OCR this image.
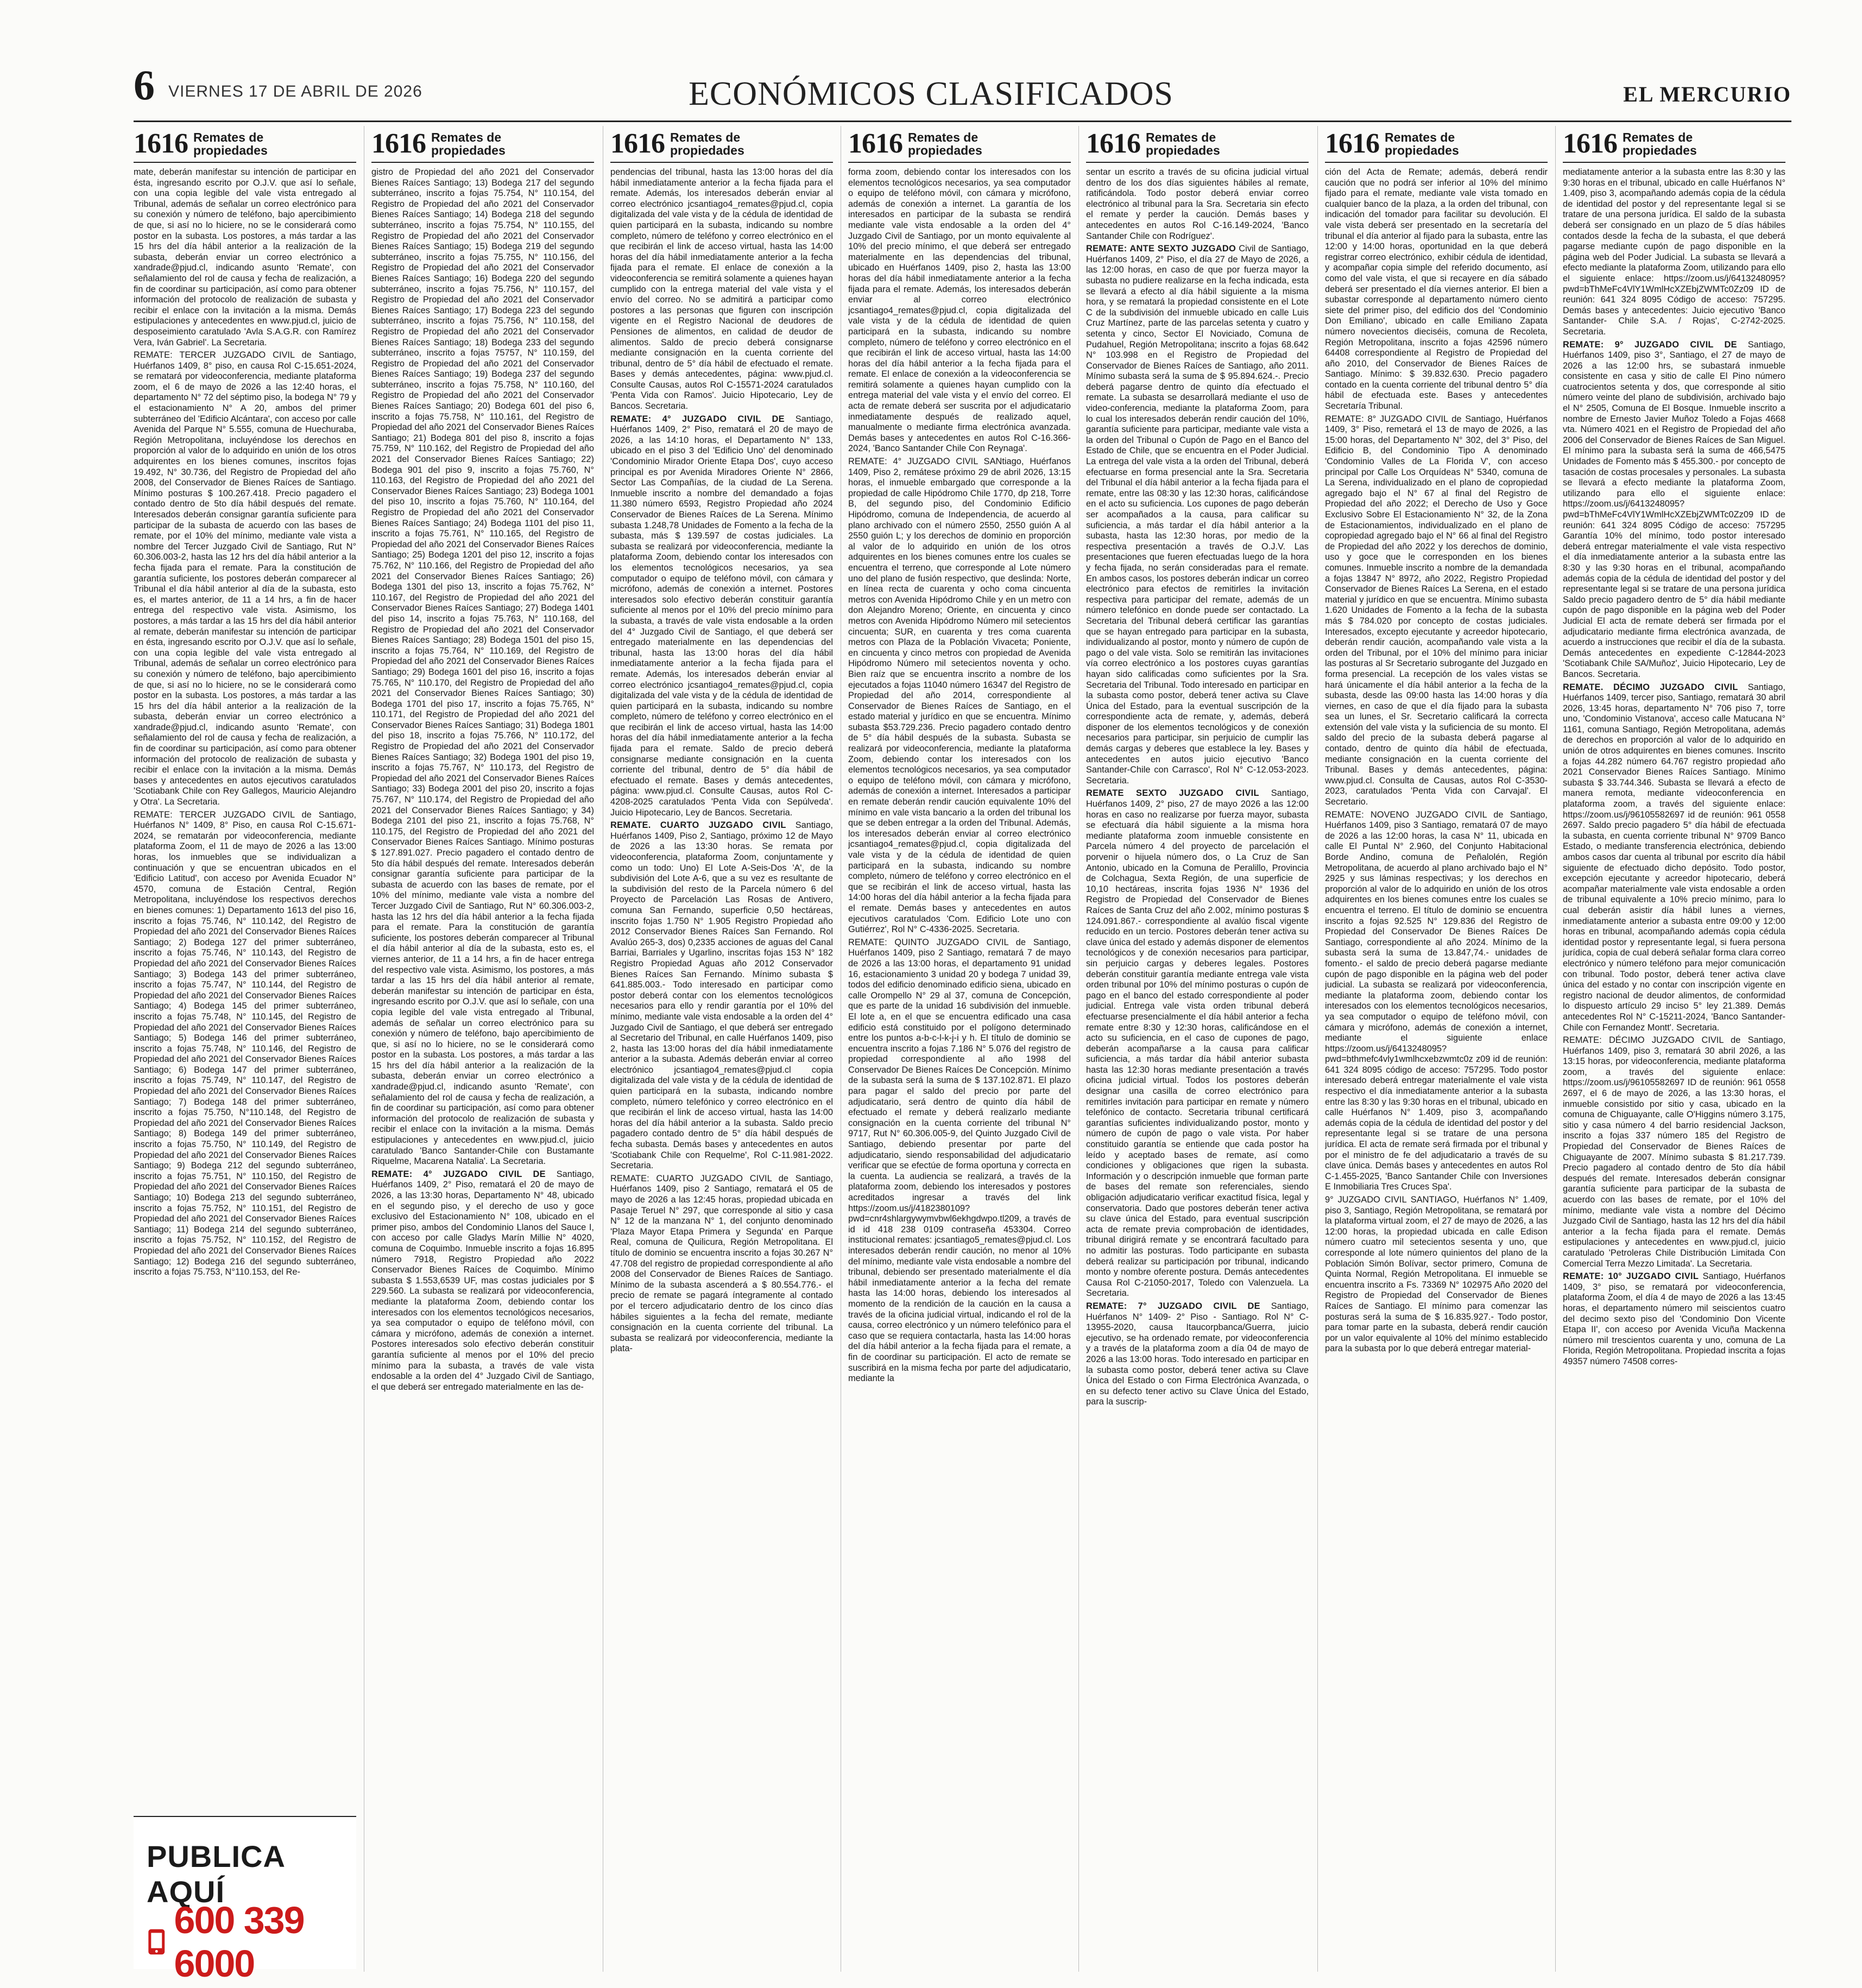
6 VIERNES 17 DE ABRIL DE 2026	ECONÓMICOS CLASIFICADOS	EL MERCURIO
1616 Remates de
propiedades

mate, deberán manifestar su intención de participar en ésta, ingresando escrito por O.J.V. que así lo señale, con una copia legible del vale vista entregado al Tribunal, además de señalar un correo electrónico para su conexión y número de teléfono, bajo apercibimiento de que, si así no lo hiciere, no se le considerará como postor en la subasta. Los postores, a más tardar a las 15 hrs del día hábil anterior a la realización de la subasta, deberán enviar un correo electrónico a xandrade@pjud.cl, indicando asunto 'Remate', con señalamiento del rol de causa y fecha de realización, a fin de coordinar su participación, así como para obtener información del protocolo de realización de subasta y recibir el enlace con la invitación a la misma. Demás estipulaciones y antecedentes en www.pjud.cl, juicio de desposeimiento caratulado 'Avla S.A.G.R. con Ramírez Vera, Iván Gabriel'. La Secretaria.

REMATE: TERCER JUZGADO CIVIL de Santiago, Huérfanos 1409, 8° piso, en causa Rol C-15.651-2024, se rematará por videoconferencia, mediante plataforma zoom, el 6 de mayo de 2026 a las 12:40 horas, el departamento N° 72 del séptimo piso, la bodega N° 79 y el estacionamiento N° A 20, ambos del primer subterráneo del 'Edificio Alcántara', con acceso por calle Avenida del Parque N° 5.555, comuna de Huechuraba, Región Metropolitana, incluyéndose los derechos en proporción al valor de lo adquirido en unión de los otros adquirentes en los bienes comunes, inscritos fojas 19.492, N° 30.736, del Registro de Propiedad del año 2008, del Conservador de Bienes Raíces de Santiago. Mínimo posturas $ 100.267.418. Precio pagadero el contado dentro de 5to día hábil después del remate. Interesados deberán consignar garantía suficiente para participar de la subasta de acuerdo con las bases de remate, por el 10% del mínimo, mediante vale vista a nombre del Tercer Juzgado Civil de Santiago, Rut N° 60.306.003-2, hasta las 12 hrs del día hábil anterior a la fecha fijada para el remate. Para la constitución de garantía suficiente, los postores deberán comparecer al Tribunal el día hábil anterior al día de la subasta, esto es, el martes anterior, de 11 a 14 hrs, a fin de hacer entrega del respectivo vale vista. Asimismo, los postores, a más tardar a las 15 hrs del día hábil anterior al remate, deberán manifestar su intención de participar en ésta, ingresando escrito por O.J.V. que así lo señale, con una copia legible del vale vista entregado al Tribunal, además de señalar un correo electrónico para su conexión y número de teléfono, bajo apercibimiento de que, si así no lo hiciere, no se le considerará como postor en la subasta. Los postores, a más tardar a las 15 hrs del día hábil anterior a la realización de la subasta, deberán enviar un correo electrónico a xandrade@pjud.cl, indicando asunto 'Remate', con señalamiento del rol de causa y fecha de realización, a fin de coordinar su participación, así como para obtener información del protocolo de realización de subasta y recibir el enlace con la invitación a la misma. Demás bases y antecedentes en autos ejecutivos caratulados 'Scotiabank Chile con Rey Gallegos, Mauricio Alejandro y Otra'. La Secretaria.

REMATE: TERCER JUZGADO CIVIL de Santiago, Huérfanos N° 1409, 8° Piso, en causa Rol C-15.671-2024, se rematarán por videoconferencia, mediante plataforma Zoom, el 11 de mayo de 2026 a las 13:00 horas, los inmuebles que se individualizan a continuación y que se encuentran ubicados en el 'Edificio Latitud', con acceso por Avenida Ecuador N° 4570, comuna de Estación Central, Región Metropolitana, incluyéndose los respectivos derechos en bienes comunes: 1) Departamento 1613 del piso 16, inscrito a fojas 75.746, N° 110.142, del Registro de Propiedad del año 2021 del Conservador Bienes Raíces Santiago; 2) Bodega 127 del primer subterráneo, inscrito a fojas 75.746, N° 110.143, del Registro de Propiedad del año 2021 del Conservador Bienes Raíces Santiago; 3) Bodega 143 del primer subterráneo, inscrito a fojas 75.747, N° 110.144, del Registro de Propiedad del año 2021 del Conservador Bienes Raíces Santiago; 4) Bodega 145 del primer subterráneo, inscrito a fojas 75.748, N° 110.145, del Registro de Propiedad del año 2021 del Conservador Bienes Raíces Santiago; 5) Bodega 146 del primer subterráneo, inscrito a fojas 75.748, N° 110.146, del Registro de Propiedad del año 2021 del Conservador Bienes Raíces Santiago; 6) Bodega 147 del primer subterráneo, inscrito a fojas 75.749, N° 110.147, del Registro de Propiedad del año 2021 del Conservador Bienes Raíces Santiago; 7) Bodega 148 del primer subterráneo, inscrito a fojas 75.750, N°110.148, del Registro de Propiedad del año 2021 del Conservador Bienes Raíces Santiago; 8) Bodega 149 del primer subterráneo, inscrito a fojas 75.750, N° 110.149, del Registro de Propiedad del año 2021 del Conservador Bienes Raíces Santiago; 9) Bodega 212 del segundo subterráneo, inscrito a fojas 75.751, N° 110.150, del Registro de Propiedad del año 2021 del Conservador Bienes Raíces Santiago; 10) Bodega 213 del segundo subterráneo, inscrito a fojas 75.752, N° 110.151, del Registro de Propiedad del año 2021 del Conservador Bienes Raíces Santiago; 11) Bodega 214 del segundo subterráneo, inscrito a fojas 75.752, N° 110.152, del Registro de Propiedad del año 2021 del Conservador Bienes Raíces Santiago; 12) Bodega 216 del segundo subterráneo, inscrito a fojas 75.753, N°110.153, del Re-

1616 Remates de
propiedades

gistro de Propiedad del año 2021 del Conservador Bienes Raíces Santiago; 13) Bodega 217 del segundo subterráneo, inscrito a fojas 75.754, N° 110.154, del Registro de Propiedad del año 2021 del Conservador Bienes Raíces Santiago; 14) Bodega 218 del segundo subterráneo, inscrito a fojas 75.754, N° 110.155, del Registro de Propiedad del año 2021 del Conservador Bienes Raíces Santiago; 15) Bodega 219 del segundo subterráneo, inscrito a fojas 75.755, N° 110.156, del Registro de Propiedad del año 2021 del Conservador Bienes Raíces Santiago; 16) Bodega 220 del segundo subterráneo, inscrito a fojas 75.756, N° 110.157, del Registro de Propiedad del año 2021 del Conservador Bienes Raíces Santiago; 17) Bodega 223 del segundo subterráneo, inscrito a fojas 75.756, N° 110.158, del Registro de Propiedad del año 2021 del Conservador Bienes Raíces Santiago; 18) Bodega 233 del segundo subterráneo, inscrito a fojas 75757, N° 110.159, del Registro de Propiedad del año 2021 del Conservador Bienes Raíces Santiago; 19) Bodega 237 del segundo subterráneo, inscrito a fojas 75.758, N° 110.160, del Registro de Propiedad del año 2021 del Conservador Bienes Raíces Santiago; 20) Bodega 601 del piso 6, inscrito a fojas 75.758, N° 110.161, del Registro de Propiedad del año 2021 del Conservador Bienes Raíces Santiago; 21) Bodega 801 del piso 8, inscrito a fojas 75.759, N° 110.162, del Registro de Propiedad del año 2021 del Conservador Bienes Raíces Santiago; 22) Bodega 901 del piso 9, inscrito a fojas 75.760, N° 110.163, del Registro de Propiedad del año 2021 del Conservador Bienes Raíces Santiago; 23) Bodega 1001 del piso 10, inscrito a fojas 75.760, N° 110.164, del Registro de Propiedad del año 2021 del Conservador Bienes Raíces Santiago; 24) Bodega 1101 del piso 11, inscrito a fojas 75.761, N° 110.165, del Registro de Propiedad del año 2021 del Conservador Bienes Raíces Santiago; 25) Bodega 1201 del piso 12, inscrito a fojas 75.762, N° 110.166, del Registro de Propiedad del año 2021 del Conservador Bienes Raíces Santiago; 26) Bodega 1301 del piso 13, inscrito a fojas 75.762, N° 110.167, del Registro de Propiedad del año 2021 del Conservador Bienes Raíces Santiago; 27) Bodega 1401 del piso 14, inscrito a fojas 75.763, N° 110.168, del Registro de Propiedad del año 2021 del Conservador Bienes Raíces Santiago; 28) Bodega 1501 del piso 15, inscrito a fojas 75.764, N° 110.169, del Registro de Propiedad del año 2021 del Conservador Bienes Raíces Santiago; 29) Bodega 1601 del piso 16, inscrito a fojas 75.765, N° 110.170, del Registro de Propiedad del año 2021 del Conservador Bienes Raíces Santiago; 30) Bodega 1701 del piso 17, inscrito a fojas 75.765, N° 110.171, del Registro de Propiedad del año 2021 del Conservador Bienes Raíces Santiago; 31) Bodega 1801 del piso 18, inscrito a fojas 75.766, N° 110.172, del Registro de Propiedad del año 2021 del Conservador Bienes Raíces Santiago; 32) Bodega 1901 del piso 19, inscrito a fojas 75.767, N° 110.173, del Registro de Propiedad del año 2021 del Conservador Bienes Raíces Santiago; 33) Bodega 2001 del piso 20, inscrito a fojas 75.767, N° 110.174, del Registro de Propiedad del año 2021 del Conservador Bienes Raíces Santiago; y 34) Bodega 2101 del piso 21, inscrito a fojas 75.768, N° 110.175, del Registro de Propiedad del año 2021 del Conservador Bienes Raíces Santiago. Mínimo posturas $ 127.891.027. Precio pagadero el contado dentro de 5to día hábil después del remate. Interesados deberán consignar garantía suficiente para participar de la subasta de acuerdo con las bases de remate, por el 10% del mínimo, mediante vale vista a nombre del Tercer Juzgado Civil de Santiago, Rut N° 60.306.003-2, hasta las 12 hrs del día hábil anterior a la fecha fijada para el remate. Para la constitución de garantía suficiente, los postores deberán comparecer al Tribunal el día hábil anterior al día de la subasta, esto es, el viernes anterior, de 11 a 14 hrs, a fin de hacer entrega del respectivo vale vista. Asimismo, los postores, a más tardar a las 15 hrs del día hábil anterior al remate, deberán manifestar su intención de participar en ésta, ingresando escrito por O.J.V. que así lo señale, con una copia legible del vale vista entregado al Tribunal, además de señalar un correo electrónico para su conexión y número de teléfono, bajo apercibimiento de que, si así no lo hiciere, no se le considerará como postor en la subasta. Los postores, a más tardar a las 15 hrs del día hábil anterior a la realización de la subasta, deberán enviar un correo electrónico a xandrade@pjud.cl, indicando asunto 'Remate', con señalamiento del rol de causa y fecha de realización, a fin de coordinar su participación, así como para obtener información del protocolo de realización de subasta y recibir el enlace con la invitación a la misma. Demás estipulaciones y antecedentes en www.pjud.cl, juicio caratulado 'Banco Santander-Chile con Bustamante Riquelme, Macarena Natalia'. La Secretaria.

REMATE: 4° JUZGADO CIVIL DE Santiago, Huérfanos 1409, 2° Piso, rematará el 20 de mayo de 2026, a las 13:30 horas, Departamento N° 48, ubicado en el segundo piso, y el derecho de uso y goce exclusivo del Estacionamiento N° 108, ubicado en el primer piso, ambos del Condominio Llanos del Sauce I, con acceso por calle Gladys Marín Millie N° 4020, comuna de Coquimbo. Inmueble inscrito a fojas 16.895 número 7918, Registro Propiedad año 2022 Conservador Bienes Raíces de Coquimbo. Mínimo subasta $ 1.553,6539 UF, mas costas judiciales por $ 229.560. La subasta se realizará por videoconferencia, mediante la plataforma Zoom, debiendo contar los interesados con los elementos tecnológicos necesarios, ya sea computador o equipo de teléfono móvil, con cámara y micrófono, además de conexión a internet. Postores interesados solo efectivo deberán constituir garantía suficiente al menos por el 10% del precio mínimo para la subasta, a través de vale vista endosable a la orden del 4° Juzgado Civil de Santiago, el que deberá ser entregado materialmente en las de-

1616 Remates de
propiedades

pendencias del tribunal, hasta las 13:00 horas del día hábil inmediatamente anterior a la fecha fijada para el remate. Además, los interesados deberán enviar al correo electrónico jcsantiago4_remates@pjud.cl, copia digitalizada del vale vista y de la cédula de identidad de quien participará en la subasta, indicando su nombre completo, número de teléfono y correo electrónico en el que recibirán el link de acceso virtual, hasta las 14:00 horas del día hábil inmediatamente anterior a la fecha fijada para el remate. El enlace de conexión a la videoconferencia se remitirá solamente a quienes hayan cumplido con la entrega material del vale vista y el envío del correo. No se admitirá a participar como postores a las personas que figuren con inscripción vigente en el Registro Nacional de deudores de Pensiones de alimentos, en calidad de deudor de alimentos. Saldo de precio deberá consignarse mediante consignación en la cuenta corriente del tribunal, dentro de 5° día hábil de efectuado el remate. Bases y demás antecedentes, página: www.pjud.cl. Consulte Causas, autos Rol C-15571-2024 caratulados 'Penta Vida con Ramos'. Juicio Hipotecario, Ley de Bancos. Secretaria.

REMATE: 4° JUZGADO CIVIL DE Santiago, Huérfanos 1409, 2° Piso, rematará el 20 de mayo de 2026, a las 14:10 horas, el Departamento N° 133, ubicado en el piso 3 del 'Edificio Uno' del denominado 'Condominio Mirador Oriente Etapa Dos', cuyo acceso principal es por Avenida Miradores Oriente N° 2866, Sector Las Compañías, de la ciudad de La Serena. Inmueble inscrito a nombre del demandado a fojas 11.380 número 6593, Registro Propiedad año 2024 Conservador de Bienes Raíces de La Serena. Mínimo subasta 1.248,78 Unidades de Fomento a la fecha de la subasta, más $ 139.597 de costas judiciales. La subasta se realizará por videoconferencia, mediante la plataforma Zoom, debiendo contar los interesados con los elementos tecnológicos necesarios, ya sea computador o equipo de teléfono móvil, con cámara y micrófono, además de conexión a internet. Postores interesados solo efectivo deberán constituir garantía suficiente al menos por el 10% del precio mínimo para la subasta, a través de vale vista endosable a la orden del 4° Juzgado Civil de Santiago, el que deberá ser entregado materialmente en las dependencias del tribunal, hasta las 13:00 horas del día hábil inmediatamente anterior a la fecha fijada para el remate. Además, los interesados deberán enviar al correo electrónico jcsantiago4_remates@pjud.cl, copia digitalizada del vale vista y de la cédula de identidad de quien participará en la subasta, indicando su nombre completo, número de teléfono y correo electrónico en el que recibirán el link de acceso virtual, hasta las 14:00 horas del día hábil inmediatamente anterior a la fecha fijada para el remate. Saldo de precio deberá consignarse mediante consignación en la cuenta corriente del tribunal, dentro de 5° día hábil de efectuado el remate. Bases y demás antecedentes, página: www.pjud.cl. Consulte Causas, autos Rol C-4208-2025 caratulados 'Penta Vida con Sepúlveda'. Juicio Hipotecario, Ley de Bancos. Secretaria.

REMATE. CUARTO JUZGADO CIVIL Santiago, Huérfanos 1409, Piso 2, Santiago, próximo 12 de Mayo de 2026 a las 13:30 horas. Se remata por videoconferencia, plataforma Zoom, conjuntamente y como un todo: Uno) El Lote A-Seis-Dos 'A', de la subdivisión del Lote A-6, que a su vez es resultante de la subdivisión del resto de la Parcela número 6 del Proyecto de Parcelación Las Rosas de Antivero, comuna San Fernando, superficie 0,50 hectáreas, inscrito fojas 1.750 N° 1.905 Registro Propiedad año 2012 Conservador Bienes Raíces San Fernando. Rol Avalúo 265-3, dos) 0,2335 acciones de aguas del Canal Barriai, Barriales y Ugarlino, inscritas fojas 153 N° 182 Registro Propiedad Aguas año 2012 Conservador Bienes Raíces San Fernando. Mínimo subasta $ 641.885.003.- Todo interesado en participar como postor deberá contar con los elementos tecnológicos necesarios para ello y rendir garantía por el 10% del mínimo, mediante vale vista endosable a la orden del 4° Juzgado Civil de Santiago, el que deberá ser entregado al Secretario del Tribunal, en calle Huérfanos 1409, piso 2, hasta las 13:00 horas del día hábil inmediatamente anterior a la subasta. Además deberán enviar al correo electrónico jcsantiago4_remates@pjud.cl copia digitalizada del vale vista y de la cédula de identidad de quien participará en la subasta, indicando nombre completo, número telefónico y correo electrónico en el que recibirán el link de acceso virtual, hasta las 14:00 horas del día hábil anterior a la subasta. Saldo precio pagadero contado dentro de 5° día hábil después de fecha subasta. Demás bases y antecedentes en autos 'Scotiabank Chile con Requelme', Rol C-11.981-2022. Secretaria.

REMATE: CUARTO JUZGADO CIVIL de Santiago, Huérfanos 1409, piso 2 Santiago, rematará el 05 de mayo de 2026 a las 12:45 horas, propiedad ubicada en Pasaje Teruel N° 297, que corresponde al sitio y casa N° 12 de la manzana N° 1, del conjunto denominado 'Plaza Mayor Etapa Primera y Segunda' en Parque Real, comuna de Quilicura, Región Metropolitana. El título de dominio se encuentra inscrito a fojas 30.267 N° 47.708 del registro de propiedad correspondiente al año 2008 del Conservador de Bienes Raíces de Santiago. Mínimo de la subasta ascenderá a $ 80.554.776.- el precio de remate se pagará íntegramente al contado por el tercero adjudicatario dentro de los cinco días hábiles siguientes a la fecha del remate, mediante consignación en la cuenta corriente del tribunal. La subasta se realizará por videoconferencia, mediante la plata-

1616 Remates de
propiedades

forma zoom, debiendo contar los interesados con los elementos tecnológicos necesarios, ya sea computador o equipo de teléfono móvil, con cámara y micrófono, además de conexión a internet. La garantía de los interesados en participar de la subasta se rendirá mediante vale vista endosable a la orden del 4° Juzgado Civil de Santiago, por un monto equivalente al 10% del precio mínimo, el que deberá ser entregado materialmente en las dependencias del tribunal, ubicado en Huérfanos 1409, piso 2, hasta las 13:00 horas del día hábil inmediatamente anterior a la fecha fijada para el remate. Además, los interesados deberán enviar al correo electrónico jcsantiago4_remates@pjud.cl, copia digitalizada del vale vista y de la cédula de identidad de quien participará en la subasta, indicando su nombre completo, número de teléfono y correo electrónico en el que recibirán el link de acceso virtual, hasta las 14:00 horas del día hábil anterior a la fecha fijada para el remate. El enlace de conexión a la videoconferencia se remitirá solamente a quienes hayan cumplido con la entrega material del vale vista y el envío del correo. El acta de remate deberá ser suscrita por el adjudicatario inmediatamente después de realizado aquel, manualmente o mediante firma electrónica avanzada. Demás bases y antecedentes en autos Rol C-16.366-2024, 'Banco Santander Chile Con Reynaga'.

REMATE: 4° JUZGADO CIVIL SANtiago, Huérfanos 1409, Piso 2, remátese próximo 29 de abril 2026, 13:15 horas, el inmueble embargado que corresponde a la propiedad de calle Hipódromo Chile 1770, dp 218, Torre B, del segundo piso, del Condominio Edificio Hipódromo, comuna de Independencia, de acuerdo al plano archivado con el número 2550, 2550 guión A al 2550 guión L; y los derechos de dominio en proporción al valor de lo adquirido en unión de los otros adquirentes en los bienes comunes entre los cuales se encuentra el terreno, que corresponde al Lote número uno del plano de fusión respectivo, que deslinda: Norte, en línea recta de cuarenta y ocho coma cincuenta metros con Avenida Hipódromo Chile y en un metro con don Alejandro Moreno; Oriente, en cincuenta y cinco metros con Avenida Hipódromo Número mil setecientos cincuenta; SUR, en cuarenta y tres coma cuarenta metros con Plaza de la Población Vivaceta; Poniente, en cincuenta y cinco metros con propiedad de Avenida Hipódromo Número mil setecientos noventa y ocho. Bien raíz que se encuentra inscrito a nombre de los ejecutados a fojas 11040 número 16347 del Registro de Propiedad del año 2014, correspondiente al Conservador de Bienes Raíces de Santiago, en el estado material y jurídico en que se encuentra. Mínimo subasta $53.729.236. Precio pagadero contado dentro de 5° día hábil después de la subasta. Subasta se realizará por videoconferencia, mediante la plataforma Zoom, debiendo contar los interesados con los elementos tecnológicos necesarios, ya sea computador o equipo de teléfono móvil, con cámara y micrófono, además de conexión a internet. Interesados a participar en remate deberán rendir caución equivalente 10% del mínimo en vale vista bancario a la orden del tribunal los que se deben entregar a la orden del Tribunal. Además, los interesados deberán enviar al correo electrónico jcsantiago4_remates@pjud.cl, copia digitalizada del vale vista y de la cédula de identidad de quien participará en la subasta, indicando su nombre completo, número de teléfono y correo electrónico en el que se recibirán el link de acceso virtual, hasta las 14:00 horas del día hábil anterior a la fecha fijada para el remate. Demás bases y antecedentes en autos ejecutivos caratulados 'Com. Edificio Lote uno con Gutiérrez', Rol N° C-4336-2025. Secretaria.

REMATE: QUINTO JUZGADO CIVIL de Santiago, Huérfanos 1409, piso 2 Santiago, rematará 7 de mayo de 2026 a las 13:00 horas, el departamento 91 unidad 16, estacionamiento 3 unidad 20 y bodega 7 unidad 39, todos del edificio denominado edificio siena, ubicado en calle Orompello N° 29 al 37, comuna de Concepción, que es parte de la unidad 16 subdivisión del inmueble. El lote a, en el que se encuentra edificado una casa edificio está constituido por el polígono determinado entre los puntos a-b-c-l-k-j-i y h. El título de dominio se encuentra inscrito a fojas 7.186 N° 5.076 del registro de propiedad correspondiente al año 1998 del Conservador De Bienes Raíces De Concepción. Mínimo de la subasta será la suma de $ 137.102.871. El plazo para pagar el saldo del precio por parte del adjudicatario, será dentro de quinto día hábil de efectuado el remate y deberá realizarlo mediante consignación en la cuenta corriente del tribunal N° 9717, Rut N° 60.306.005-9, del Quinto Juzgado Civil de Santiago, debiendo presentar por parte del adjudicatario, siendo responsabilidad del adjudicatario verificar que se efectúe de forma oportuna y correcta en la cuenta. La audiencia se realizará, a través de la plataforma zoom, debiendo los interesados y postores acreditados ingresar a través del link https://zoom.us/j/4182380109?pwd=cnr4shlargywymvbwl6ekhgdwpo.tl209, a través de id id 418 238 0109 contraseña 453304. Correo institucional remates: jcsantiago5_remates@pjud.cl. Los interesados deberán rendir caución, no menor al 10% del mínimo, mediante vale vista endosable a nombre del tribunal, debiendo ser presentado materialmente el día hábil inmediatamente anterior a la fecha del remate hasta las 14:00 horas, debiendo los interesados al momento de la rendición de la caución en la causa a través de la oficina judicial virtual, indicando el rol de la causa, correo electrónico y un número telefónico para el caso que se requiera contactarla, hasta las 14:00 horas del día hábil anterior a la fecha fijada para el remate, a fin de coordinar su participación. El acto de remate se suscribirá en la misma fecha por parte del adjudicatario, mediante la

1616 Remates de
propiedades

sentar un escrito a través de su oficina judicial virtual dentro de los dos días siguientes hábiles al remate, ratificándola. Todo postor deberá enviar correo electrónico al tribunal para la Sra. Secretaria sin efecto el remate y perder la caución. Demás bases y antecedentes en autos Rol C-16.149-2024, 'Banco Santander Chile con Rodríguez'.

REMATE: ANTE SEXTO JUZGADO Civil de Santiago, Huérfanos 1409, 2° Piso, el día 27 de Mayo de 2026, a las 12:00 horas, en caso de que por fuerza mayor la subasta no pudiere realizarse en la fecha indicada, esta se llevará a efecto al día hábil siguiente a la misma hora, y se rematará la propiedad consistente en el Lote C de la subdivisión del inmueble ubicado en calle Luis Cruz Martínez, parte de las parcelas setenta y cuatro y setenta y cinco, Sector El Noviciado, Comuna de Pudahuel, Región Metropolitana; inscrito a fojas 68.642 N° 103.998 en el Registro de Propiedad del Conservador de Bienes Raíces de Santiago, año 2011. Mínimo subasta será la suma de $ 95.894.624.-. Precio deberá pagarse dentro de quinto día efectuado el remate. La subasta se desarrollará mediante el uso de video-conferencia, mediante la plataforma Zoom, para lo cual los interesados deberán rendir caución del 10%, garantía suficiente para participar, mediante vale vista a la orden del Tribunal o Cupón de Pago en el Banco del Estado de Chile, que se encuentra en el Poder Judicial. La entrega del vale vista a la orden del Tribunal, deberá efectuarse en forma presencial ante la Sra. Secretaria del Tribunal el día hábil anterior a la fecha fijada para el remate, entre las 08:30 y las 12:30 horas, calificándose en el acto su suficiencia. Los cupones de pago deberán ser acompañados a la causa, para calificar su suficiencia, a más tardar el día hábil anterior a la subasta, hasta las 12:30 horas, por medio de la respectiva presentación a través de O.J.V. Las presentaciones que fueren efectuadas luego de la hora y fecha fijada, no serán consideradas para el remate. En ambos casos, los postores deberán indicar un correo electrónico para efectos de remitirles la invitación respectiva para participar del remate, además de un número telefónico en donde puede ser contactado. La Secretaria del Tribunal deberá certificar las garantías que se hayan entregado para participar en la subasta, individualizando al postor, monto y número de cupón de pago o del vale vista. Solo se remitirán las invitaciones vía correo electrónico a los postores cuyas garantías hayan sido calificadas como suficientes por la Sra. Secretaria del Tribunal. Todo interesado en participar en la subasta como postor, deberá tener activa su Clave Única del Estado, para la eventual suscripción de la correspondiente acta de remate, y, además, deberá disponer de los elementos tecnológicos y de conexión necesarios para participar, sin perjuicio de cumplir las demás cargas y deberes que establece la ley. Bases y antecedentes en autos juicio ejecutivo 'Banco Santander-Chile con Carrasco', Rol N° C-12.053-2023. Secretaria.

REMATE SEXTO JUZGADO CIVIL Santiago, Huérfanos 1409, 2° piso, 27 de mayo 2026 a las 12:00 horas en caso no realizarse por fuerza mayor, subasta se efectuará día hábil siguiente a la misma hora mediante plataforma zoom inmueble consistente en Parcela número 4 del proyecto de parcelación el porvenir o hijuela número dos, o La Cruz de San Antonio, ubicado en la Comuna de Peralillo, Provincia de Colchagua, Sexta Región, de una superficie de 10,10 hectáreas, inscrita fojas 1936 N° 1936 del Registro de Propiedad del Conservador de Bienes Raíces de Santa Cruz del año 2.002, mínimo posturas $ 124.091.867.- correspondiente al avalúo fiscal vigente reducido en un tercio. Postores deberán tener activa su clave única del estado y además disponer de elementos tecnológicos y de conexión necesarios para participar, sin perjuicio cargas y deberes legales. Postores deberán constituir garantía mediante entrega vale vista orden tribunal por 10% del mínimo posturas o cupón de pago en el banco del estado correspondiente al poder judicial. Entrega vale vista orden tribunal deberá efectuarse presencialmente el día hábil anterior a fecha remate entre 8:30 y 12:30 horas, calificándose en el acto su suficiencia, en el caso de cupones de pago, deberán acompañarse a la causa para calificar suficiencia, a más tardar día hábil anterior subasta hasta las 12:30 horas mediante presentación a través oficina judicial virtual. Todos los postores deberán designar una casilla de correo electrónico para remitirles invitación para participar en remate y número telefónico de contacto. Secretaria tribunal certificará garantías suficientes individualizando postor, monto y número de cupón de pago o vale vista. Por haber constituido garantía se entiende que cada postor ha leído y aceptado bases de remate, así como condiciones y obligaciones que rigen la subasta. Información y o descripción inmueble que forman parte de bases del remate son referenciales, siendo obligación adjudicatario verificar exactitud física, legal y conservatoria. Dado que postores deberán tener activa su clave única del Estado, para eventual suscripción acta de remate previa comprobación de identidades, tribunal dirigirá remate y se encontrará facultado para no admitir las posturas. Todo participante en subasta deberá realizar su participación por tribunal, indicando monto y nombre oferente postura. Demás antecedentes Causa Rol C-21050-2017, Toledo con Valenzuela. La Secretaria.

REMATE: 7° JUZGADO CIVIL DE Santiago, Huérfanos N° 1409- 2° Piso - Santiago. Rol N° C-13955-2020, causa Itaucorpbanca/Guerra, juicio ejecutivo, se ha ordenado remate, por videoconferencia y a través de la plataforma zoom a día 04 de mayo de 2026 a las 13:00 horas. Todo interesado en participar en la subasta como postor, deberá tener activa su Clave Única del Estado o con Firma Electrónica Avanzada, o en su defecto tener activo su Clave Única del Estado, para la suscrip-

1616 Remates de
propiedades

ción del Acta de Remate; además, deberá rendir caución que no podrá ser inferior al 10% del mínimo fijado para el remate, mediante vale vista tomado en cualquier banco de la plaza, a la orden del tribunal, con indicación del tomador para facilitar su devolución. El vale vista deberá ser presentado en la secretaría del tribunal el día anterior al fijado para la subasta, entre las 12:00 y 14:00 horas, oportunidad en la que deberá registrar correo electrónico, exhibir cédula de identidad, y acompañar copia simple del referido documento, así como del vale vista, el que si recayere en día sábado deberá ser presentado el día viernes anterior. El bien a subastar corresponde al departamento número ciento siete del primer piso, del edificio dos del 'Condominio Don Emiliano', ubicado en calle Emiliano Zapata número novecientos dieciséis, comuna de Recoleta, Región Metropolitana, inscrito a fojas 42596 número 64408 correspondiente al Registro de Propiedad del año 2010, del Conservador de Bienes Raíces de Santiago. Mínimo: $ 39.832.630. Precio pagadero contado en la cuenta corriente del tribunal dentro 5° día hábil de efectuada este. Bases y antecedentes Secretaría Tribunal.

REMATE: 8° JUZGADO CIVIL de Santiago, Huérfanos 1409, 3° Piso, remetará el 13 de mayo de 2026, a las 15:00 horas, del Departamento N° 302, del 3° Piso, del Edificio B, del Condominio Tipo A denominado 'Condominio Valles de La Florida V', con acceso principal por Calle Los Orquídeas N° 5340, comuna de La Serena, individualizado en el plano de copropiedad agregado bajo el N° 67 al final del Registro de Propiedad del año 2022; el Derecho de Uso y Goce Exclusivo Sobre El Estacionamiento N° 32, de la Zona de Estacionamientos, individualizado en el plano de copropiedad agregado bajo el N° 66 al final del Registro de Propiedad del año 2022 y los derechos de dominio, uso y goce que le corresponden en los bienes comunes. Inmueble inscrito a nombre de la demandada a fojas 13847 N° 8972, año 2022, Registro Propiedad Conservador de Bienes Raíces La Serena, en el estado material y jurídico en que se encuentra. Mínimo subasta 1.620 Unidades de Fomento a la fecha de la subasta más $ 784.020 por concepto de costas judiciales. Interesados, excepto ejecutante y acreedor hipotecario, deberán rendir caución, acompañando vale vista a la orden del Tribunal, por el 10% del mínimo para iniciar las posturas al Sr Secretario subrogante del Juzgado en forma presencial. La recepción de los vales vistas se hará únicamente el día hábil anterior a la fecha de la subasta, desde las 09:00 hasta las 14:00 horas y día viernes, en caso de que el día fijado para la subasta sea un lunes, el Sr. Secretario calificará la correcta extensión del vale vista y la suficiencia de su monto. El saldo del precio de la subasta deberá pagarse al contado, dentro de quinto día hábil de efectuada, mediante consignación en la cuenta corriente del Tribunal. Bases y demás antecedentes, página: www.pjud.cl. Consulta de Causas, autos Rol C-3530-2023, caratulados 'Penta Vida con Carvajal'. El Secretario.

REMATE: NOVENO JUZGADO CIVIL de Santiago, Huérfanos 1409, piso 3 Santiago, rematará 07 de mayo de 2026 a las 12:00 horas, la casa N° 11, ubicada en calle El Puntal N° 2.960, del Conjunto Habitacional Borde Andino, comuna de Peñalolén, Región Metropolitana, de acuerdo al plano archivado bajo el N° 2925 y sus láminas respectivas; y los derechos en proporción al valor de lo adquirido en unión de los otros adquirentes en los bienes comunes entre los cuales se encuentra el terreno. El título de dominio se encuentra inscrito a fojas 92.525 N° 129.836 del Registro de Propiedad del Conservador De Bienes Raíces De Santiago, correspondiente al año 2024. Mínimo de la subasta será la suma de 13.847,74.- unidades de fomento.- el saldo de precio deberá pagarse mediante cupón de pago disponible en la página web del poder judicial. La subasta se realizará por videoconferencia, mediante la plataforma zoom, debiendo contar los interesados con los elementos tecnológicos necesarios, ya sea computador o equipo de teléfono móvil, con cámara y micrófono, además de conexión a internet, mediante el siguiente enlace https://zoom.us/j/6413248095?pwd=bthmefc4vly1wmlhcxebzwmtc0z z09 id de reunión: 641 324 8095 código de acceso: 757295. Todo postor interesado deberá entregar materialmente el vale vista respectivo el día inmediatamente anterior a la subasta entre las 8:30 y las 9:30 horas en el tribunal, ubicado en calle Huérfanos N° 1.409, piso 3, acompañando además copia de la cédula de identidad del postor y del representante legal si se tratare de una persona jurídica. El acta de remate será firmada por el tribunal y por el ministro de fe del adjudicatario a través de su clave única. Demás bases y antecedentes en autos Rol C-1.455-2025, 'Banco Santander Chile con Inversiones E Inmobiliaria Tres Cruces Spa'.

9° JUZGADO CIVIL SANTIAGO, Huérfanos N° 1.409, piso 3, Santiago, Región Metropolitana, se rematará por la plataforma virtual zoom, el 27 de mayo de 2026, a las 12:00 horas, la propiedad ubicada en calle Edison número cuatro mil setecientos sesenta y uno, que corresponde al lote número quinientos del plano de la Población Simón Bolívar, sector primero, Comuna de Quinta Normal, Región Metropolitana. El inmueble se encuentra inscrito a Fs. 73369 N° 102975 Año 2020 del Registro de Propiedad del Conservador de Bienes Raíces de Santiago. El mínimo para comenzar las posturas será la suma de $ 16.835.927.- Todo postor, para tomar parte en la subasta, deberá rendir caución por un valor equivalente al 10% del mínimo establecido para la subasta por lo que deberá entregar material-

1616 Remates de
propiedades

mediatamente anterior a la subasta entre las 8:30 y las 9:30 horas en el tribunal, ubicado en calle Huérfanos N° 1.409, piso 3, acompañando además copia de la cédula de identidad del postor y del representante legal si se tratare de una persona jurídica. El saldo de la subasta deberá ser consignado en un plazo de 5 días hábiles contados desde la fecha de la subasta, el que deberá pagarse mediante cupón de pago disponible en la página web del Poder Judicial. La subasta se llevará a efecto mediante la plataforma Zoom, utilizando para ello el siguiente enlace: https://zoom.us/j/6413248095?pwd=bThMeFc4VlY1WmlHcXZEbjZWMTc0Zz09 ID de reunión: 641 324 8095 Código de acceso: 757295. Demás bases y antecedentes: Juicio ejecutivo 'Banco Santander- Chile S.A. / Rojas', C-2742-2025. Secretaria.

REMATE: 9° JUZGADO CIVIL DE Santiago, Huérfanos 1409, piso 3°, Santiago, el 27 de mayo de 2026 a las 12:00 hrs, se subastará inmueble consistente en casa y sitio de calle El Pino número cuatrocientos setenta y dos, que corresponde al sitio número veinte del plano de subdivisión, archivado bajo el N° 2505, Comuna de El Bosque. Inmueble inscrito a nombre de Ernesto Javier Muñoz Toledo a Fojas 4668 vta. Número 4021 en el Registro de Propiedad del año 2006 del Conservador de Bienes Raíces de San Miguel. El mínimo para la subasta será la suma de 466,5475 Unidades de Fomento más $ 455.300.- por concepto de tasación de costas procesales y personales. La subasta se llevará a efecto mediante la plataforma Zoom, utilizando para ello el siguiente enlace: https://zoom.us/j/6413248095?pwd=bThMeFc4VlY1WmlHcXZEbjZWMTc0Zz09 ID de reunión: 641 324 8095 Código de acceso: 757295 Garantía 10% del mínimo, todo postor interesado deberá entregar materialmente el vale vista respectivo el día inmediatamente anterior a la subasta entre las 8:30 y las 9:30 horas en el tribunal, acompañando además copia de la cédula de identidad del postor y del representante legal si se tratare de una persona jurídica Saldo precio pagadero dentro de 5° día hábil mediante cupón de pago disponible en la página web del Poder Judicial El acta de remate deberá ser firmada por el adjudicatario mediante firma electrónica avanzada, de acuerdo a instrucciones que recibir el día de la subasta. Demás antecedentes en expediente C-12844-2023 'Scotiabank Chile SA/Muñoz', Juicio Hipotecario, Ley de Bancos. Secretaria.

REMATE. DÉCIMO JUZGADO CIVIL Santiago, Huérfanos 1409, tercer piso, Santiago, rematará 30 abril 2026, 13:45 horas, departamento N° 706 piso 7, torre uno, 'Condominio Vistanova', acceso calle Matucana N° 1161, comuna Santiago, Región Metropolitana, además de derechos en proporción al valor de lo adquirido en unión de otros adquirentes en bienes comunes. Inscrito a fojas 44.282 número 64.767 registro propiedad año 2021 Conservador Bienes Raíces Santiago. Mínimo subasta $ 33.744.346. Subasta se llevará a efecto de manera remota, mediante videoconferencia en plataforma zoom, a través del siguiente enlace: https://zoom.us/j/96105582697 id de reunión: 961 0558 2697. Saldo precio pagadero 5° día hábil de efectuada la subasta, en cuenta corriente tribunal N° 9709 Banco Estado, o mediante transferencia electrónica, debiendo ambos casos dar cuenta al tribunal por escrito día hábil siguiente de efectuado dicho depósito. Todo postor, excepción ejecutante y acreedor hipotecario, deberá acompañar materialmente vale vista endosable a orden de tribunal equivalente a 10% precio mínimo, para lo cual deberán asistir día hábil lunes a viernes, inmediatamente anterior a subasta entre 09:00 y 12:00 horas en tribunal, acompañando además copia cédula identidad postor y representante legal, si fuera persona jurídica, copia de cual deberá señalar forma clara correo electrónico y número teléfono para mejor comunicación con tribunal. Todo postor, deberá tener activa clave única del estado y no contar con inscripción vigente en registro nacional de deudor alimentos, de conformidad lo dispuesto artículo 29 inciso 5° ley 21.389. Demás antecedentes Rol N° C-15211-2024, 'Banco Santander-Chile con Fernandez Montt'. Secretaria.

REMATE: DÉCIMO JUZGADO CIVIL de Santiago, Huérfanos 1409, piso 3, rematará 30 abril 2026, a las 13:15 horas, por videoconferencia, mediante plataforma zoom, a través del siguiente enlace: https://zoom.us/j/96105582697 ID de reunión: 961 0558 2697, el 6 de mayo de 2026, a las 13:30 horas, el inmueble consistido por sitio y casa, ubicado en la comuna de Chiguayante, calle O'Higgins número 3.175, sitio y casa número 4 del barrio residencial Jackson, inscrito a fojas 337 número 185 del Registro de Propiedad del Conservador de Bienes Raíces de Chiguayante de 2007. Mínimo subasta $ 81.217.739. Precio pagadero al contado dentro de 5to día hábil después del remate. Interesados deberán consignar garantía suficiente para participar de la subasta de acuerdo con las bases de remate, por el 10% del mínimo, mediante vale vista a nombre del Décimo Juzgado Civil de Santiago, hasta las 12 hrs del día hábil anterior a la fecha fijada para el remate. Demás estipulaciones y antecedentes en www.pjud.cl, juicio caratulado 'Petroleras Chile Distribución Limitada Con Comercial Terra Mezzo Limitada'. La Secretaria.

REMATE: 10° JUZGADO CIVIL Santiago, Huérfanos 1409, 3° piso, se rematará por videoconferencia, plataforma Zoom, el día 4 de mayo de 2026 a las 13:45 horas, el departamento número mil seiscientos cuatro del decimo sexto piso del 'Condominio Don Vicente Etapa II', con acceso por Avenida Vicuña Mackenna número mil trescientos cuarenta y uno, comuna de La Florida, Región Metropolitana. Propiedad inscrita a fojas 49357 número 74508 corres-

PUBLICA AQUÍ
600 339 6000
